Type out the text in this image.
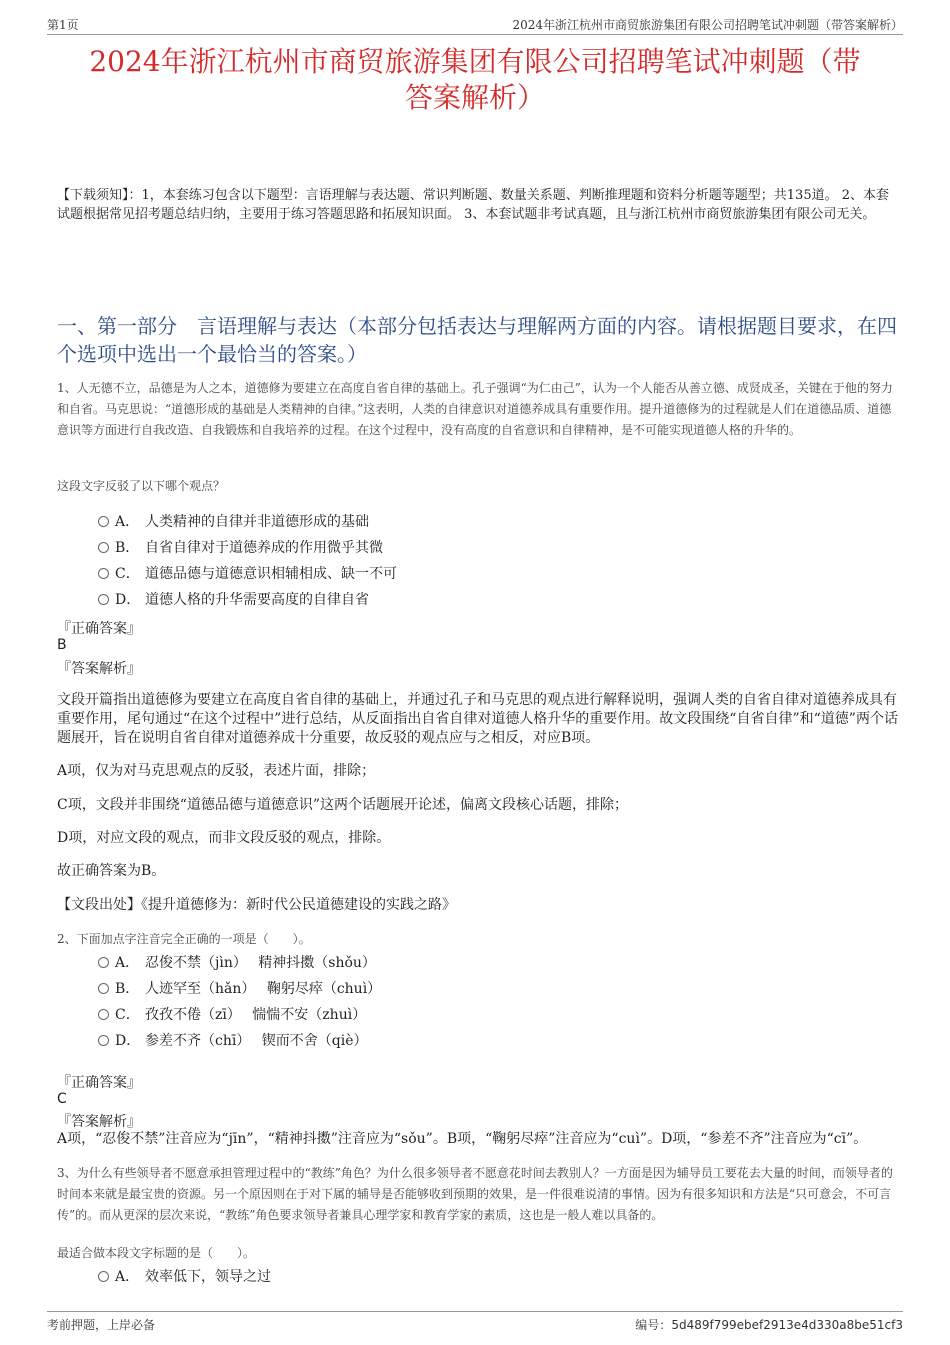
第1页	2024年浙江杭州市商贸旅游集团有限公司招聘笔试冲刺题（带答案解析）
2024年浙江杭州市商贸旅游集团有限公司招聘笔试冲刺题（带
答案解析）
【下载须知】：1，本套练习包含以下题型：言语理解与表达题、常识判断题、数量关系题、判断推理题和资料分析题等题型；共135道。 2、本套试题根据常见招考题总结归纳，主要用于练习答题思路和拓展知识面。 3、本套试题非考试真题，且与浙江杭州市商贸旅游集团有限公司无关。
一、第一部分　言语理解与表达（本部分包括表达与理解两方面的内容。请根据题目要求，在四个选项中选出一个最恰当的答案。）
1、人无德不立，品德是为人之本，道德修为要建立在高度自省自律的基础上。孔子强调“为仁由己”，认为一个人能否从善立德、成贤成圣，关键在于他的努力和自省。马克思说：“道德形成的基础是人类精神的自律。”这表明，人类的自律意识对道德养成具有重要作用。提升道德修为的过程就是人们在道德品质、道德意识等方面进行自我改造、自我锻炼和自我培养的过程。在这个过程中，没有高度的自省意识和自律精神，是不可能实现道德人格的升华的。
这段文字反驳了以下哪个观点？
A． 人类精神的自律并非道德形成的基础
B． 自省自律对于道德养成的作用微乎其微
C． 道德品德与道德意识相辅相成、缺一不可
D． 道德人格的升华需要高度的自律自省
『正确答案』
B
『答案解析』
文段开篇指出道德修为要建立在高度自省自律的基础上，并通过孔子和马克思的观点进行解释说明，强调人类的自省自律对道德养成具有重要作用，尾句通过“在这个过程中”进行总结，从反面指出自省自律对道德人格升华的重要作用。故文段围绕“自省自律”和“道德”两个话题展开，旨在说明自省自律对道德养成十分重要，故反驳的观点应与之相反，对应B项。
A项，仅为对马克思观点的反驳，表述片面，排除；
C项，文段并非围绕“道德品德与道德意识”这两个话题展开论述，偏离文段核心话题，排除；
D项，对应文段的观点，而非文段反驳的观点，排除。
故正确答案为B。
【文段出处】《提升道德修为：新时代公民道德建设的实践之路》
2、下面加点字注音完全正确的一项是（　　）。
A． 忍俊不禁（jìn）　 精神抖擞（shǒu）
B． 人迹罕至（hǎn）　 鞠躬尽瘁（chuì）
C． 孜孜不倦（zī）　 惴惴不安（zhuì）
D． 参差不齐（chī）　 锲而不舍（qiè）
『正确答案』
C
『答案解析』
A项，“忍俊不禁”注音应为“jīn”，“精神抖擞”注音应为“sǒu”。B项，“鞠躬尽瘁”注音应为“cuì”。D项，“参差不齐”注音应为“cī”。
3、为什么有些领导者不愿意承担管理过程中的“教练”角色？为什么很多领导者不愿意花时间去教别人？一方面是因为辅导员工要花去大量的时间，而领导者的时间本来就是最宝贵的资源。另一个原因则在于对下属的辅导是否能够收到预期的效果，是一件很难说清的事情。因为有很多知识和方法是“只可意会，不可言传”的。而从更深的层次来说，“教练”角色要求领导者兼具心理学家和教育学家的素质，这也是一般人难以具备的。
最适合做本段文字标题的是（　　）。
A． 效率低下，领导之过
考前押题，上岸必备	编号：5d489f799ebef2913e4d330a8be51cf3
